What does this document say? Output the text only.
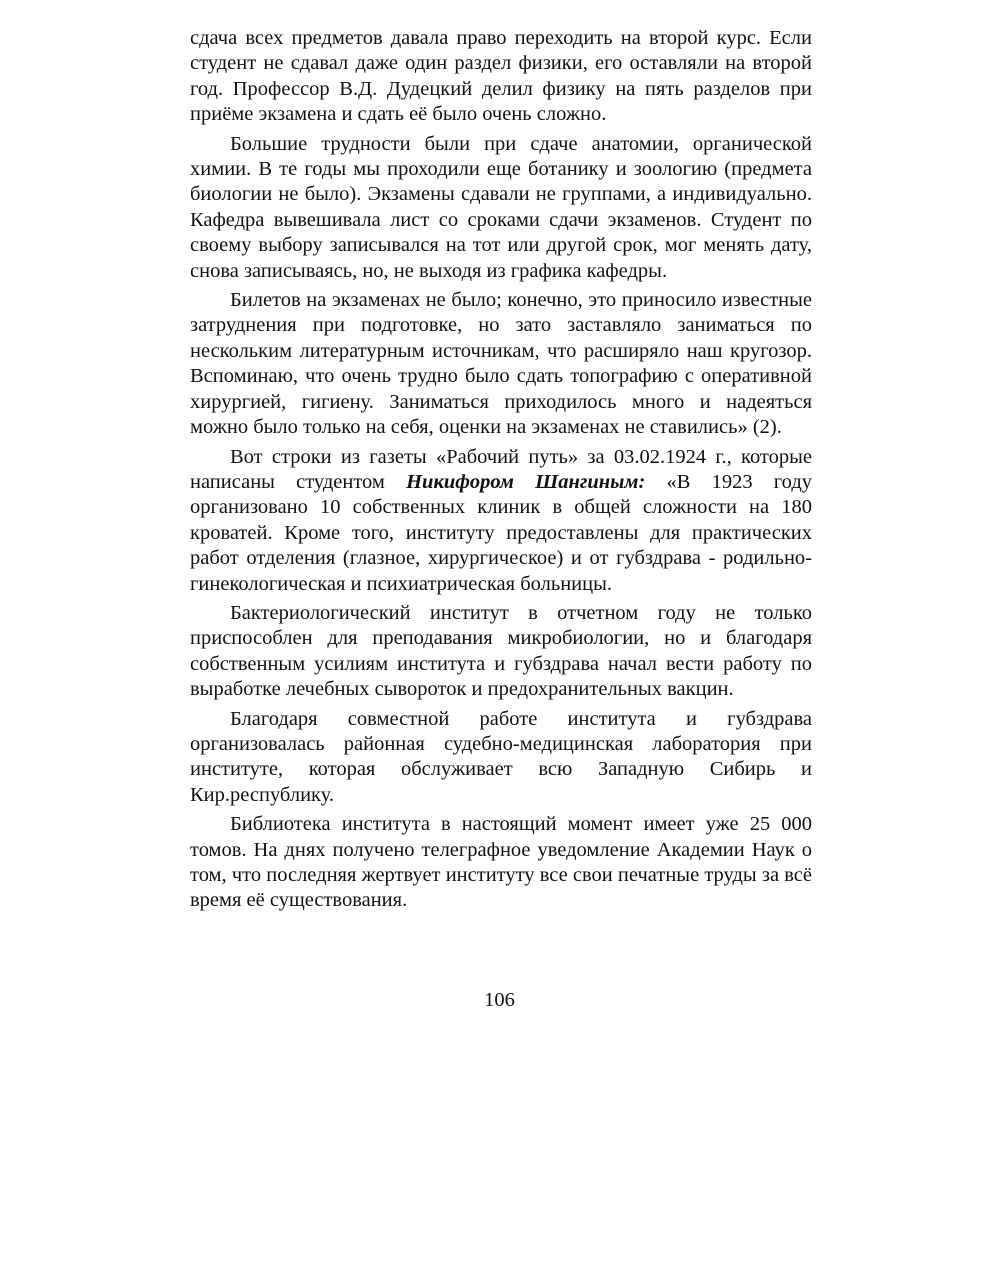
сдача всех предметов давала право переходить на второй курс. Если студент не сдавал даже один раздел физики, его оставляли на второй год. Профессор В.Д. Дудецкий делил физику на пять разделов при приёме экзамена и сдать её было очень сложно.

Большие трудности были при сдаче анатомии, органической химии. В те годы мы проходили еще ботанику и зоологию (предмета биологии не было). Экзамены сдавали не группами, а индивидуально. Кафедра вывешивала лист со сроками сдачи экзаменов. Студент по своему выбору записывался на тот или другой срок, мог менять дату, снова записываясь, но, не выходя из графика кафедры.

Билетов на экзаменах не было; конечно, это приносило известные затруднения при подготовке, но зато заставляло заниматься по нескольким литературным источникам, что расширяло наш кругозор. Вспоминаю, что очень трудно было сдать топографию с оперативной хирургией, гигиену. Заниматься приходилось много и надеяться можно было только на себя, оценки на экзаменах не ставились» (2).

Вот строки из газеты «Рабочий путь» за 03.02.1924 г., которые написаны студентом Никифором Шангиным: «В 1923 году организовано 10 собственных клиник в общей сложности на 180 кроватей. Кроме того, институту предоставлены для практических работ отделения (глазное, хирургическое) и от губздрава - родильно-гинекологическая и психиатрическая больницы.

Бактериологический институт в отчетном году не только приспособлен для преподавания микробиологии, но и благодаря собственным усилиям института и губздрава начал вести работу по выработке лечебных сывороток и предохранительных вакцин.

Благодаря совместной работе института и губздрава организовалась районная судебно-медицинская лаборатория при институте, которая обслуживает всю Западную Сибирь и Кир.республику.

Библиотека института в настоящий момент имеет уже 25 000 томов. На днях получено телеграфное уведомление Академии Наук о том, что последняя жертвует институту все свои печатные труды за всё время её существования.

106
